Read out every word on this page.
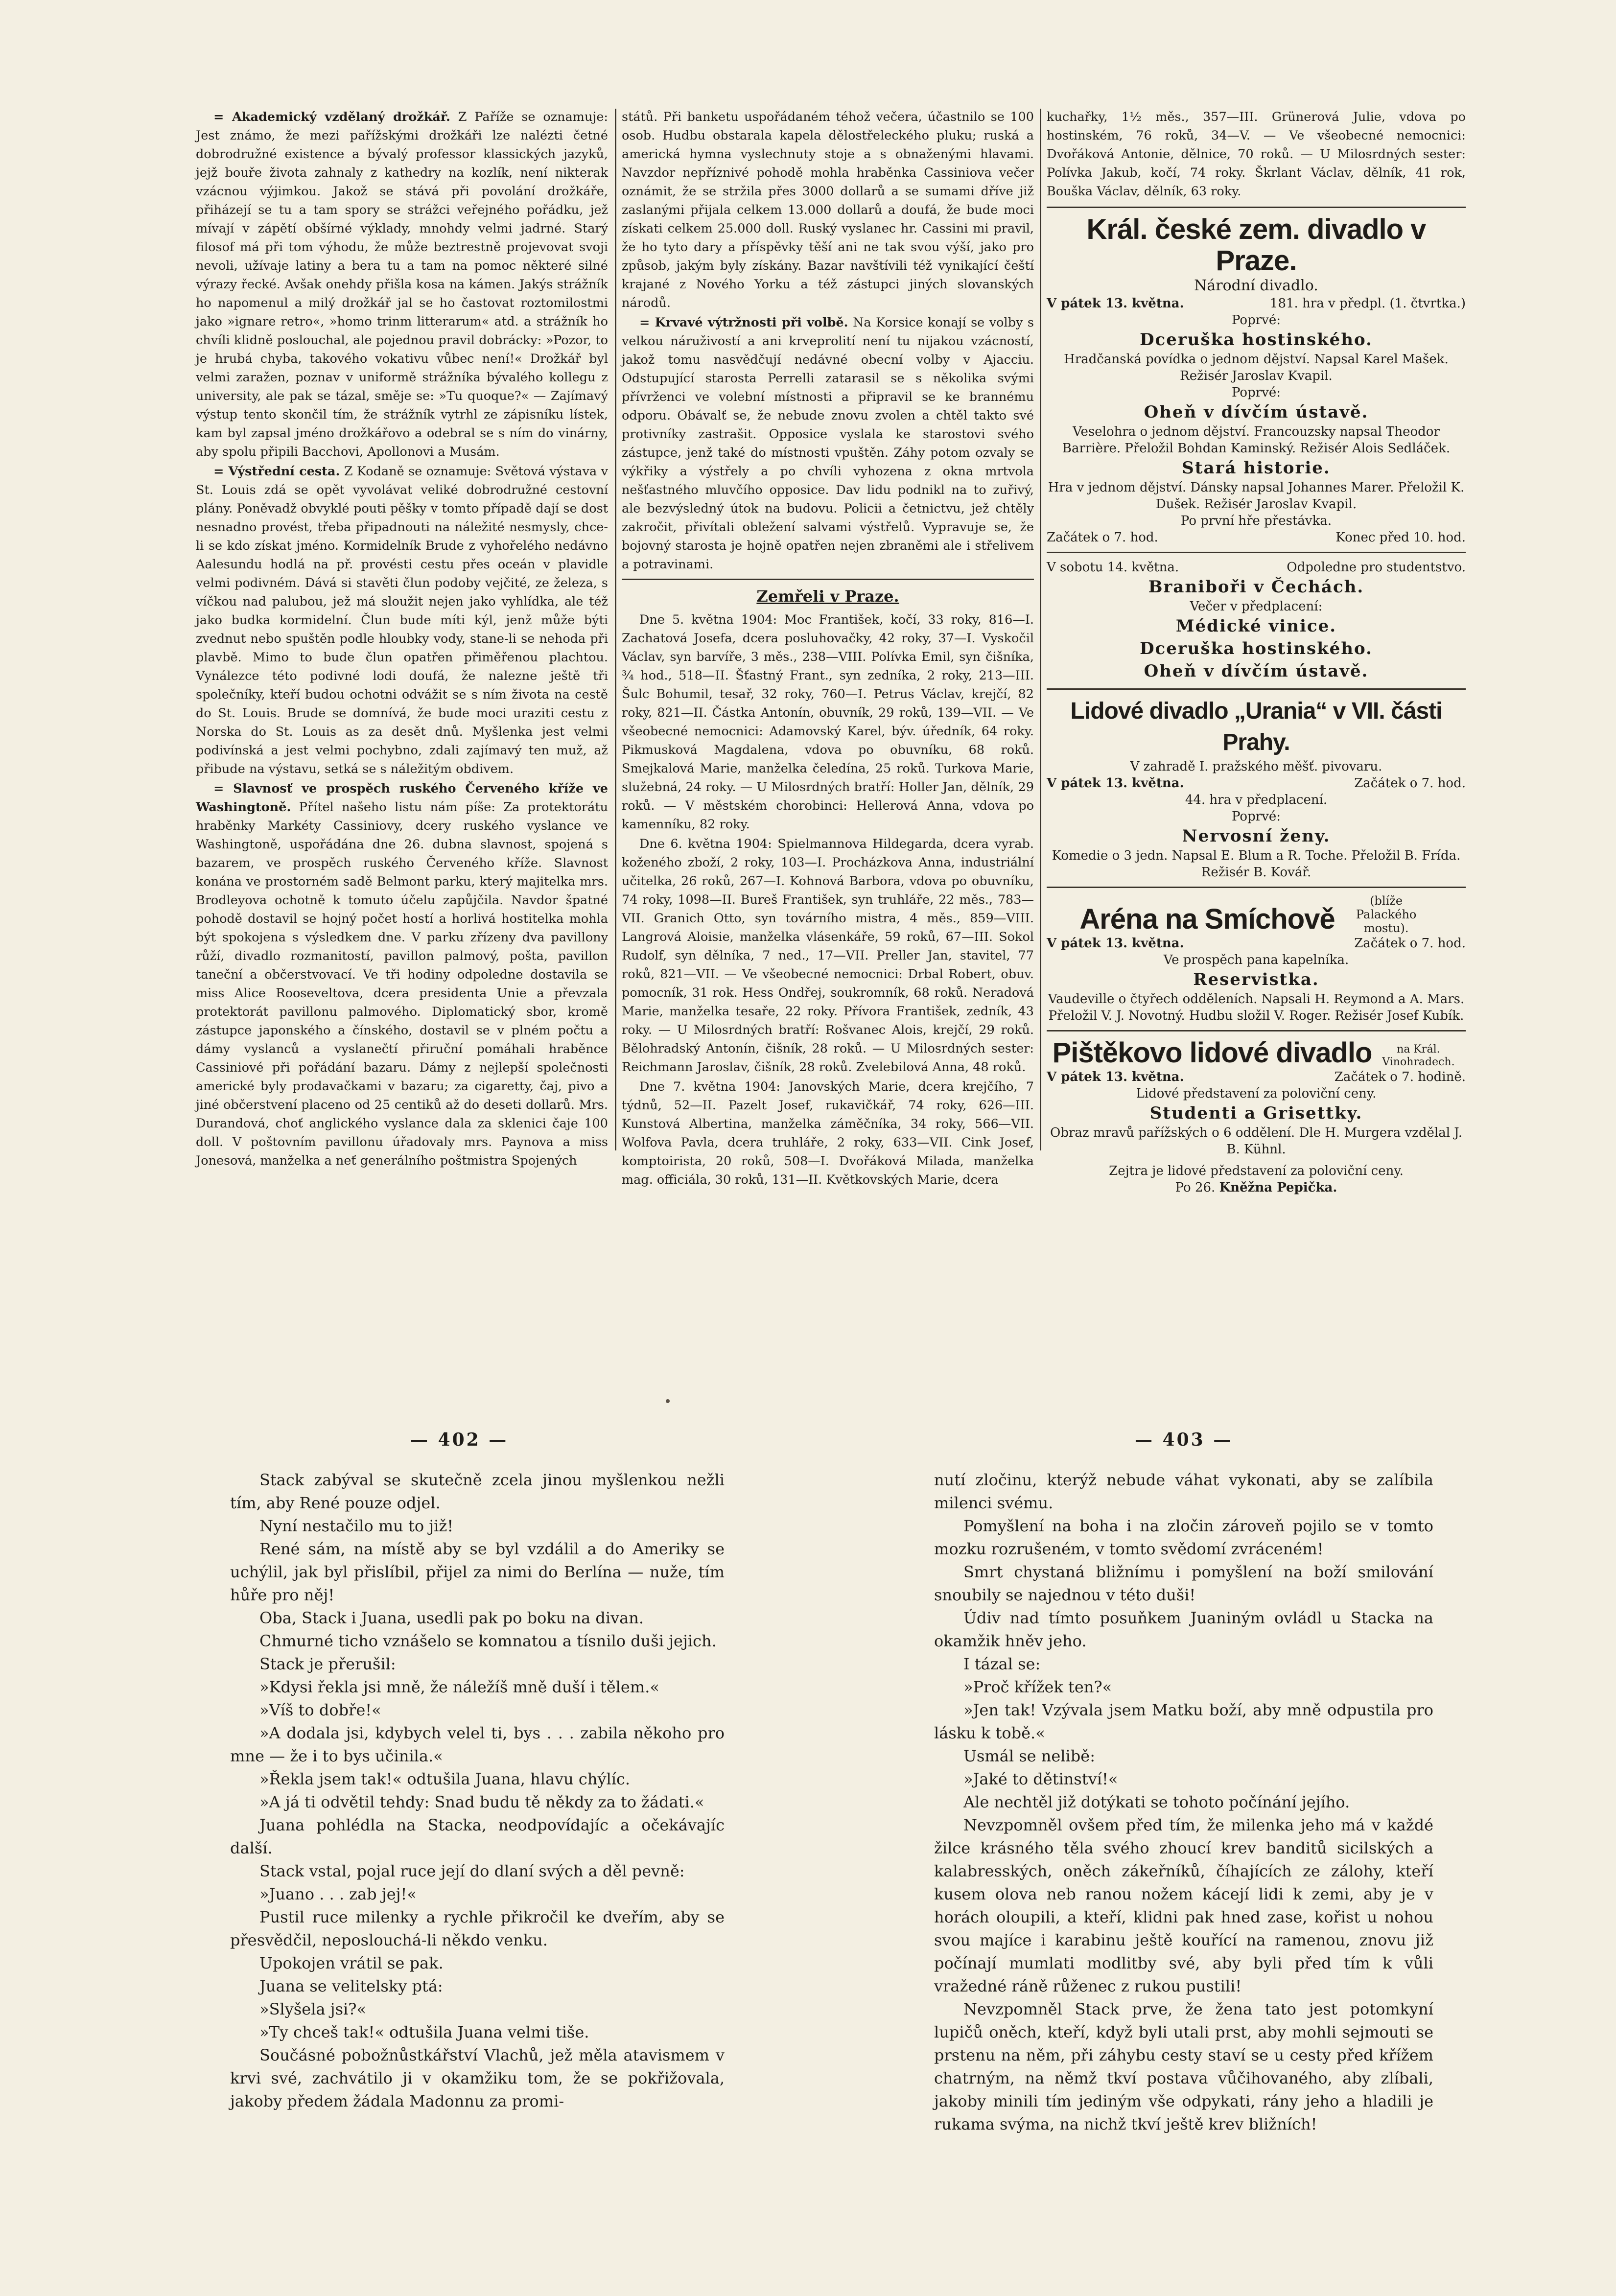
= Akademický vzdělaný drožkář. Z Paříže se oznamuje: Jest známo, že mezi pařížskými drožkáři lze nalézti četné dobrodružné existence a bývalý professor klassických jazyků, jejž bouře života zahnaly z kathedry na kozlík, není nikterak vzácnou výjimkou. Jakož se stává při povolání drožkáře, přiházejí se tu a tam spory se strážci veřejného pořádku, jež mívají v zápětí obšírné výklady, mnohdy velmi jadrné. Starý filosof má při tom výhodu, že může beztrestně projevovat svoji nevoli, užívaje latiny a bera tu a tam na pomoc některé silné výrazy řecké. Avšak onehdy přišla kosa na kámen. Jakýs strážník ho napomenul a milý drožkář jal se ho častovat roztomilostmi jako »ignare retro«, »homo trinm litterarum« atd. a strážník ho chvíli klidně poslouchal, ale pojednou pravil dobrácky: »Pozor, to je hrubá chyba, takového vokativu vůbec není!« Drožkář byl velmi zaražen, poznav v uniformě strážníka bývalého kollegu z university, ale pak se tázal, směje se: »Tu quoque?« — Zajímavý výstup tento skončil tím, že strážník vytrhl ze zápisníku lístek, kam byl zapsal jméno drožkářovo a odebral se s ním do vinárny, aby spolu připili Bacchovi, Apollonovi a Musám.

= Výstřední cesta. Z Kodaně se oznamuje: Světová výstava v St. Louis zdá se opět vyvolávat veliké dobrodružné cestovní plány. Poněvadž obvyklé pouti pěšky v tomto případě dají se dost nesnadno provést, třeba připadnouti na náležité nesmysly, chce-li se kdo získat jméno. Kormidelník Brude z vyhořelého nedávno Aalesundu hodlá na př. provésti cestu přes oceán v plavidle velmi podivném. Dává si stavěti člun podoby vejčité, ze železa, s víčkou nad palubou, jež má sloužit nejen jako vyhlídka, ale též jako budka kormidelní. Člun bude míti kýl, jenž může býti zvednut nebo spuštěn podle hloubky vody, stane-li se nehoda při plavbě. Mimo to bude člun opatřen přiměřenou plachtou. Vynálezce této podivné lodi doufá, že nalezne ještě tři společníky, kteří budou ochotni odvážit se s ním života na cestě do St. Louis. Brude se domnívá, že bude moci uraziti cestu z Norska do St. Louis as za desět dnů. Myšlenka jest velmi podivínská a jest velmi pochybno, zdali zajímavý ten muž, až přibude na výstavu, setká se s náležitým obdivem.

= Slavnosť ve prospěch ruského Červeného kříže ve Washingtoně. Přítel našeho listu nám píše: Za protektorátu hraběnky Markéty Cassiniovy, dcery ruského vyslance ve Washingtoně, uspořádána dne 26. dubna slavnost, spojená s bazarem, ve prospěch ruského Červeného kříže. Slavnost konána ve prostorném sadě Belmont parku, který majitelka mrs. Brodleyova ochotně k tomuto účelu zapůjčila. Navdor špatné pohodě dostavil se hojný počet hostí a horlivá hostitelka mohla být spokojena s výsledkem dne. V parku zřízeny dva pavillony růží, divadlo rozmanitostí, pavillon palmový, pošta, pavillon taneční a občerstvovací. Ve tři hodiny odpoledne dostavila se miss Alice Rooseveltova, dcera presidenta Unie a převzala protektorát pavillonu palmového. Diplomatický sbor, kromě zástupce japonského a čínského, dostavil se v plném počtu a dámy vyslanců a vyslanečtí přiruční pomáhali hraběnce Cassiniové při pořádání bazaru. Dámy z nejlepší společnosti americké byly prodavačkami v bazaru; za cigaretty, čaj, pivo a jiné občerstvení placeno od 25 centiků až do deseti dollarů. Mrs. Durandová, choť anglického vyslance dala za sklenici čaje 100 doll. V poštovním pavillonu úřadovaly mrs. Paynova a miss Jonesová, manželka a neť generálního poštmistra Spojených

států. Při banketu uspořádaném téhož večera, účastnilo se 100 osob. Hudbu obstarala kapela dělostřeleckého pluku; ruská a americká hymna vyslechnuty stoje a s obnaženými hlavami. Navzdor nepříznivé pohodě mohla hraběnka Cassiniova večer oznámit, že se stržila přes 3000 dollarů a se sumami dříve již zaslanými přijala celkem 13.000 dollarů a doufá, že bude moci získati celkem 25.000 doll. Ruský vyslanec hr. Cassini mi pravil, že ho tyto dary a příspěvky těší ani ne tak svou výší, jako pro způsob, jakým byly získány. Bazar navštívili též vynikající čeští krajané z Nového Yorku a též zástupci jiných slovanských národů.

= Krvavé výtržnosti při volbě. Na Korsice konají se volby s velkou náruživostí a ani krveprolití není tu nijakou vzácností, jakož tomu nasvědčují nedávné obecní volby v Ajacciu. Odstupující starosta Perrelli zatarasil se s několika svými přívrženci ve volební místnosti a připravil se ke brannému odporu. Obávalť se, že nebude znovu zvolen a chtěl takto své protivníky zastrašit. Opposice vyslala ke starostovi svého zástupce, jenž také do místnosti vpuštěn. Záhy potom ozvaly se výkřiky a výstřely a po chvíli vyhozena z okna mrtvola nešťastného mluvčího opposice. Dav lidu podnikl na to zuřivý, ale bezvýsledný útok na budovu. Policii a četnictvu, jež chtěly zakročit, přivítali obležení salvami výstřelů. Vypravuje se, že bojovný starosta je hojně opatřen nejen zbraněmi ale i střelivem a potravinami.

Zemřeli v Praze.

Dne 5. května 1904: Moc František, kočí, 33 roky, 816—I. Zachatová Josefa, dcera posluhovačky, 42 roky, 37—I. Vyskočil Václav, syn barvíře, 3 měs., 238—VIII. Polívka Emil, syn čišníka, ¾ hod., 518—II. Šťastný Frant., syn zedníka, 2 roky, 213—III. Šulc Bohumil, tesař, 32 roky, 760—I. Petrus Václav, krejčí, 82 roky, 821—II. Částka Antonín, obuvník, 29 roků, 139—VII. — Ve všeobecné nemocnici: Adamovský Karel, býv. úředník, 64 roky. Pikmusková Magdalena, vdova po obuvníku, 68 roků. Smejkalová Marie, manželka čeledína, 25 roků. Turkova Marie, služebná, 24 roky. — U Milosrdných bratří: Holler Jan, dělník, 29 roků. — V městském chorobinci: Hellerová Anna, vdova po kamenníku, 82 roky.

Dne 6. května 1904: Spielmannova Hildegarda, dcera vyrab. koženého zboží, 2 roky, 103—I. Procházkova Anna, industriální učitelka, 26 roků, 267—I. Kohnová Barbora, vdova po obuvníku, 74 roky, 1098—II. Bureš František, syn truhláře, 22 měs., 783—VII. Granich Otto, syn továrního mistra, 4 měs., 859—VIII. Langrová Aloisie, manželka vlásenkáře, 59 roků, 67—III. Sokol Rudolf, syn dělníka, 7 ned., 17—VII. Preller Jan, stavitel, 77 roků, 821—VII. — Ve všeobecné nemocnici: Drbal Robert, obuv. pomocník, 31 rok. Hess Ondřej, soukromník, 68 roků. Neradová Marie, manželka tesaře, 22 roky. Přívora František, zedník, 43 roky. — U Milosrdných bratří: Rošvanec Alois, krejčí, 29 roků. Bělohradský Antonín, čišník, 28 roků. — U Milosrdných sester: Reichmann Jaroslav, čišník, 28 roků. Zvelebilová Anna, 48 roků.

Dne 7. května 1904: Janovských Marie, dcera krejčího, 7 týdnů, 52—II. Pazelt Josef, rukavičkář, 74 roky, 626—III. Kunstová Albertina, manželka záměčníka, 34 roky, 566—VII. Wolfova Pavla, dcera truhláře, 2 roky, 633—VII. Cink Josef, komptoirista, 20 roků, 508—I. Dvořáková Milada, manželka mag. officiála, 30 roků, 131—II. Květkovských Marie, dcera

kuchařky, 1½ měs., 357—III. Grünerová Julie, vdova po hostinském, 76 roků, 34—V. — Ve všeobecné nemocnici: Dvořáková Antonie, dělnice, 70 roků. — U Milosrdných sester: Polívka Jakub, kočí, 74 roky. Škrlant Václav, dělník, 41 rok, Bouška Václav, dělník, 63 roky.

Král. české zem. divadlo v Praze.
Národní divadlo.
V pátek 13. května.	181. hra v předpl. (1. čtvrtka.)
Poprvé:
Dceruška hostinského.
Hradčanská povídka o jednom dějství. Napsal Karel Mašek. Režisér Jaroslav Kvapil.
Poprvé:
Oheň v dívčím ústavě.
Veselohra o jednom dějství. Francouzsky napsal Theodor Barrière. Přeložil Bohdan Kaminský. Režisér Alois Sedláček.
Stará historie.
Hra v jednom dějství. Dánsky napsal Johannes Marer. Přeložil K. Dušek. Režisér Jaroslav Kvapil.
Po první hře přestávka.
Začátek o 7. hod.	Konec před 10. hod.
V sobotu 14. května.	Odpoledne pro studentstvo.
Braniboři v Čechách.
Večer v předplacení:
Médické vinice.
Dceruška hostinského.
Oheň v dívčím ústavě.
Lidové divadlo „Urania“ v VII. části Prahy.
V zahradě I. pražského měšť. pivovaru.
V pátek 13. května.	Začátek o 7. hod.
44. hra v předplacení.
Poprvé:
Nervosní ženy.
Komedie o 3 jedn. Napsal E. Blum a R. Toche. Přeložil B. Frída. Režisér B. Kovář.
Aréna na Smíchově
(blíže Palackého mostu).
V pátek 13. května.	Začátek o 7. hod.
Ve prospěch pana kapelníka.
Reservistka.
Vaudeville o čtyřech odděleních. Napsali H. Reymond a A. Mars. Přeložil V. J. Novotný. Hudbu složil V. Roger. Režisér Josef Kubík.
Pištěkovo lidové divadlo	na Král. Vinohradech.
V pátek 13. května.	Začátek o 7. hodině.
Lidové představení za poloviční ceny.
Studenti a Grisettky.
Obraz mravů pařížských o 6 oddělení. Dle H. Murgera vzdělal J. B. Kühnl.
Zejtra je lidové představení za poloviční ceny.
Po 26. Kněžna Pepička.
— 402 —	— 403 —

Stack zabýval se skutečně zcela jinou myšlenkou nežli tím, aby René pouze odjel.

Nyní nestačilo mu to již!

René sám, na místě aby se byl vzdálil a do Ameriky se uchýlil, jak byl přislíbil, přijel za nimi do Berlína — nuže, tím hůře pro něj!

Oba, Stack i Juana, usedli pak po boku na divan.

Chmurné ticho vznášelo se komnatou a tísnilo duši jejich.

Stack je přerušil:

»Kdysi řekla jsi mně, že náležíš mně duší i tělem.«

»Víš to dobře!«

»A dodala jsi, kdybych velel ti, bys . . . zabila někoho pro mne — že i to bys učinila.«

»Řekla jsem tak!« odtušila Juana, hlavu chýlíc.

»A já ti odvětil tehdy: Snad budu tě někdy za to žádati.«

Juana pohlédla na Stacka, neodpovídajíc a očekávajíc další.

Stack vstal, pojal ruce její do dlaní svých a děl pevně:

»Juano . . . zab jej!«

Pustil ruce milenky a rychle přikročil ke dveřím, aby se přesvědčil, neposlouchá-li někdo venku.

Upokojen vrátil se pak.

Juana se velitelsky ptá:

»Slyšela jsi?«

»Ty chceš tak!« odtušila Juana velmi tiše.

Součásné pobožnůstkářství Vlachů, jež měla atavismem v krvi své, zachvátilo ji v okamžiku tom, že se pokřižovala, jakoby předem žádala Madonnu za promi-

nutí zločinu, kterýž nebude váhat vykonati, aby se zalíbila milenci svému.

Pomyšlení na boha i na zločin zároveň pojilo se v tomto mozku rozrušeném, v tomto svědomí zvráceném!

Smrt chystaná bližnímu i pomyšlení na boží smilování snoubily se najednou v této duši!

Údiv nad tímto posuňkem Juaniným ovládl u Stacka na okamžik hněv jeho.

I tázal se:

»Proč křížek ten?«

»Jen tak! Vzývala jsem Matku boží, aby mně odpustila pro lásku k tobě.«

Usmál se nelibě:

»Jaké to dětinství!«

Ale nechtěl již dotýkati se tohoto počínání jejího.

Nevzpomněl ovšem před tím, že milenka jeho má v každé žilce krásného těla svého zhoucí krev banditů sicilských a kalabresských, oněch zákeřníků, číhajících ze zálohy, kteří kusem olova neb ranou nožem kácejí lidi k zemi, aby je v horách oloupili, a kteří, klidni pak hned zase, kořist u nohou svou majíce i karabinu ještě kouřící na ramenou, znovu již počínají mumlati modlitby své, aby byli před tím k vůli vražedné ráně růženec z rukou pustili!

Nevzpomněl Stack prve, že žena tato jest potomkyní lupičů oněch, kteří, když byli utali prst, aby mohli sejmouti se prstenu na něm, při záhybu cesty staví se u cesty před křížem chatrným, na němž tkví postava vůčihovaného, aby zlíbali, jakoby minili tím jediným vše odpykati, rány jeho a hladili je rukama svýma, na nichž tkví ještě krev bližních!
